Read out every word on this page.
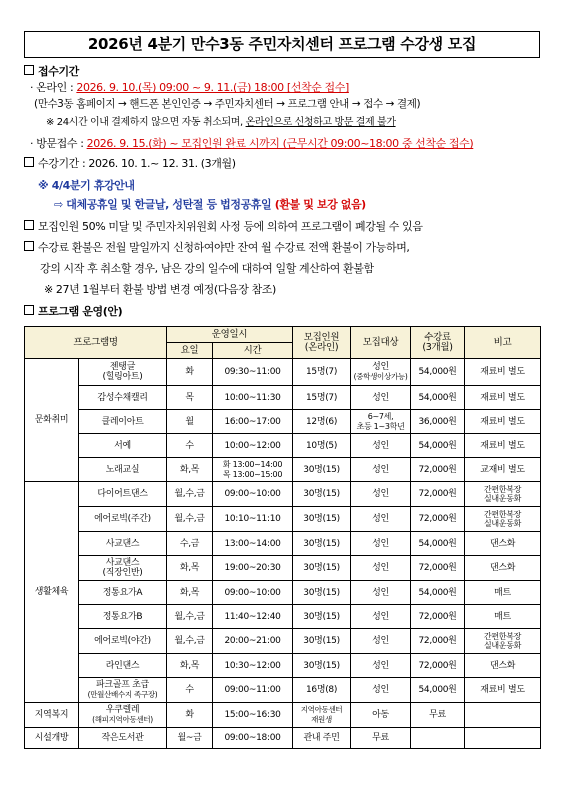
2026년 4분기 만수3동 주민자치센터 프로그램 수강생 모집
접수기간
· 온라인 : 2026. 9. 10.(목) 09:00 ~ 9. 11.(금) 18:00 [선착순 접수]
(만수3동 홈페이지 → 핸드폰 본인인증 → 주민자치센터 → 프로그램 안내 → 접수 → 결제)
※ 24시간 이내 결제하지 않으면 자동 취소되며, 온라인으로 신청하고 방문 결제 불가
· 방문접수 : 2026. 9. 15.(화) ~ 모집인원 완료 시까지 (근무시간 09:00~18:00 중 선착순 접수)
수강기간 : 2026. 10. 1.~ 12. 31. (3개월)
※ 4/4분기 휴강안내
⇨ 대체공휴일 및 한글날, 성탄절 등 법정공휴일 (환불 및 보강 없음)
모집인원 50% 미달 및 주민자치위원회 사정 등에 의하여 프로그램이 폐강될 수 있음
수강료 환불은 전월 말일까지 신청하여야만 잔여 월 수강료 전액 환불이 가능하며,
강의 시작 후 취소할 경우, 남은 강의 일수에 대하여 일할 계산하여 환불함
※ 27년 1월부터 환불 방법 변경 예정(다음장 참조)
프로그램 운영(안)
프로그램명		운영일시		모집인원
(온라인)	모집대상	수강료
(3개월)	비고
		요일	시간				
문화취미	젠탱글
(힐링아트)	화	09:30~11:00	15명(7)	성인
(중학생이상가능)	54,000원	재료비 별도
	감성수채캘리	목	10:00~11:30	15명(7)	성인	54,000원	재료비 별도
	클레이아트	월	16:00~17:00	12명(6)	6~7세,
초등 1~3학년	36,000원	재료비 별도
	서예	수	10:00~12:00	10명(5)	성인	54,000원	재료비 별도
	노래교실	화,목	화 13:00~14:00
목 13:00~15:00	30명(15)	성인	72,000원	교재비 별도
생활체육	다이어트댄스	월,수,금	09:00~10:00	30명(15)	성인	72,000원	간편한복장
실내운동화
	에어로빅(주간)	월,수,금	10:10~11:10	30명(15)	성인	72,000원	간편한복장
실내운동화
	사교댄스	수,금	13:00~14:00	30명(15)	성인	54,000원	댄스화
	사교댄스
(직장인반)	화,목	19:00~20:30	30명(15)	성인	72,000원	댄스화
	정통요가A	화,목	09:00~10:00	30명(15)	성인	54,000원	매트
	정통요가B	월,수,금	11:40~12:40	30명(15)	성인	72,000원	매트
	에어로빅(야간)	월,수,금	20:00~21:00	30명(15)	성인	72,000원	간편한복장
실내운동화
	라인댄스	화,목	10:30~12:00	30명(15)	성인	72,000원	댄스화
	파크골프 초급
(만월산배수지 족구장)	수	09:00~11:00	16명(8)	성인	54,000원	재료비 별도
지역복지	우쿠렐레
(해피지역아동센터)	화	15:00~16:30	지역아동센터
재원생	아동	무료	
시설개방	작은도서관	월~금	09:00~18:00	관내 주민	무료		
